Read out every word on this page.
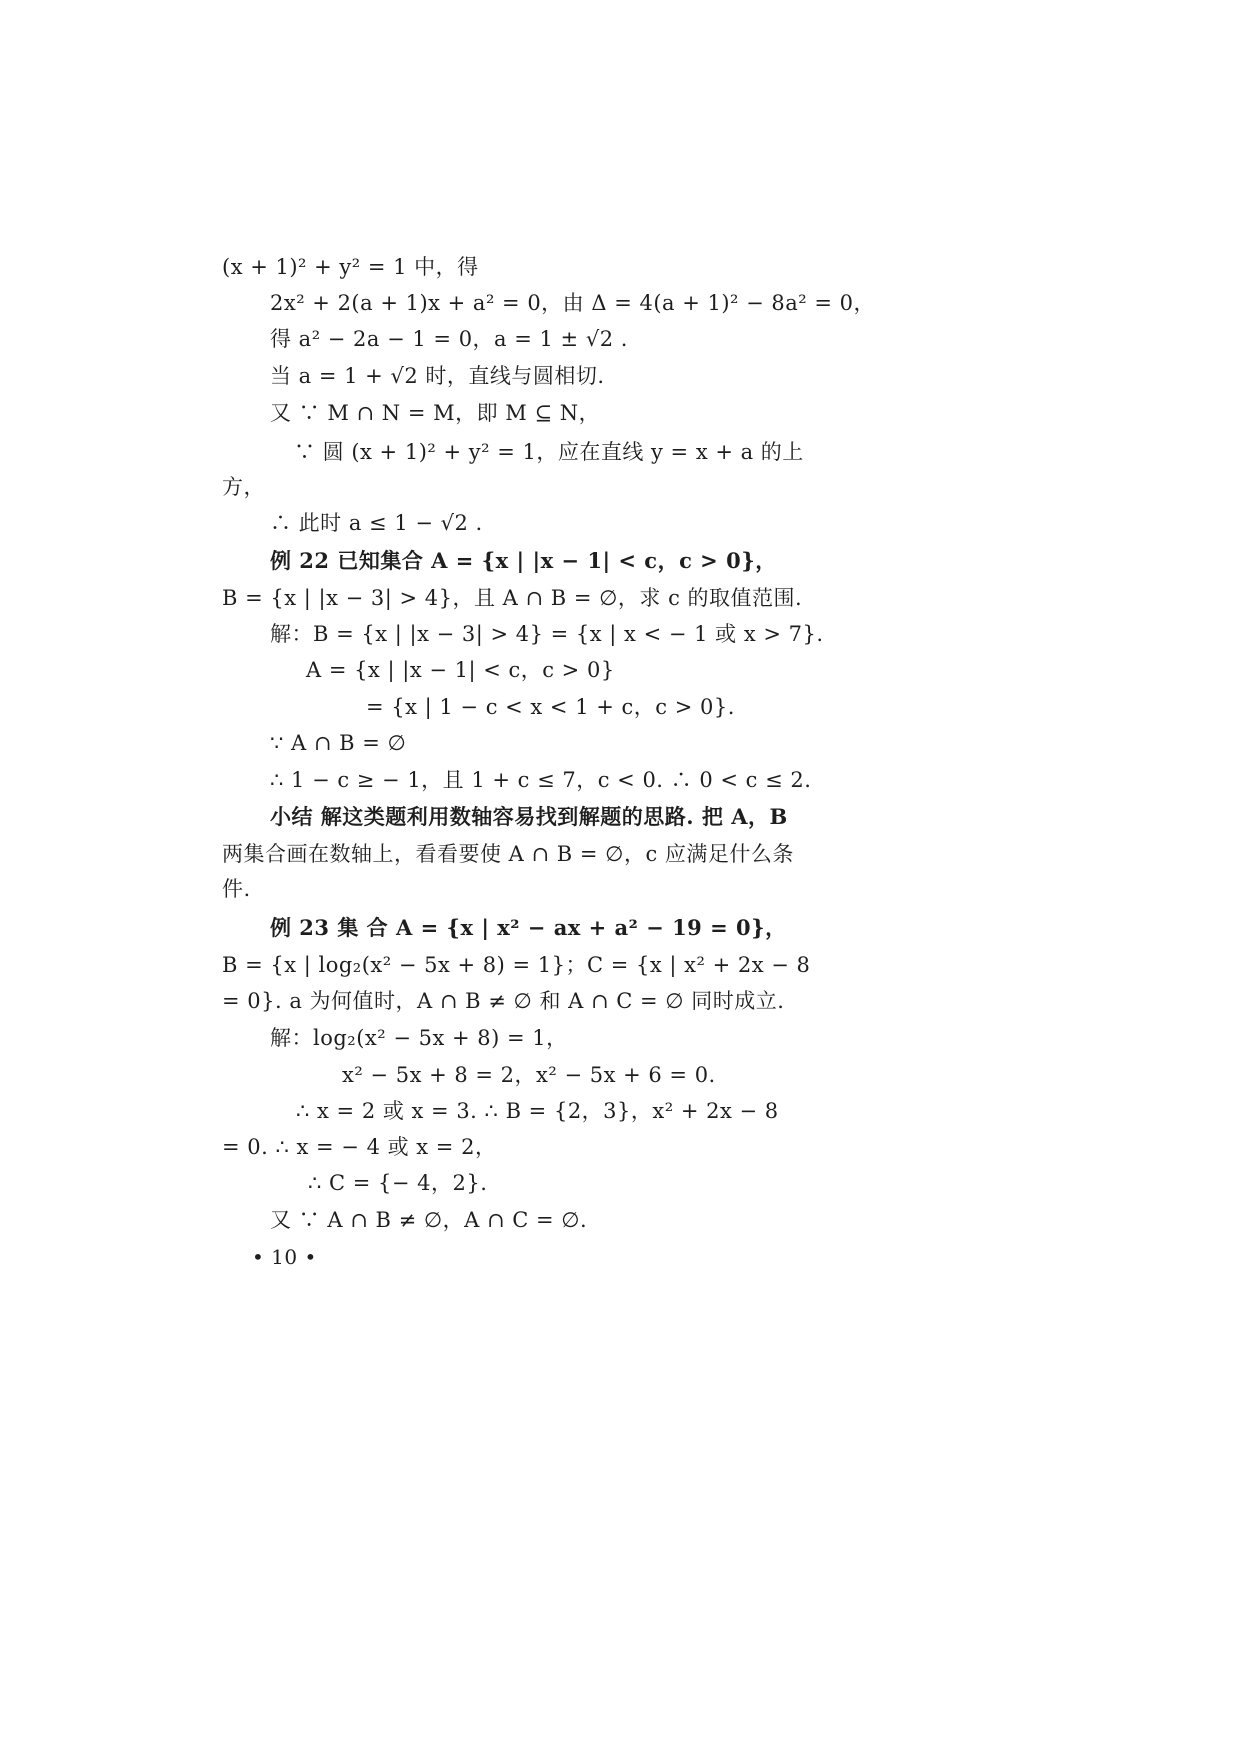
(x + 1)² + y² = 1 中，得
2x² + 2(a + 1)x + a² = 0，由 Δ = 4(a + 1)² − 8a² = 0，
得 a² − 2a − 1 = 0，a = 1 ± √2 .
当 a = 1 + √2 时，直线与圆相切.
又 ∵ M ∩ N = M，即 M ⊆ N，
∵ 圆 (x + 1)² + y² = 1，应在直线 y = x + a 的上
方，
∴ 此时 a ≤ 1 − √2 .
例 22 已知集合 A = {x | |x − 1| < c，c > 0}，
B = {x | |x − 3| > 4}，且 A ∩ B = ∅，求 c 的取值范围.
解：B = {x | |x − 3| > 4} = {x | x < − 1 或 x > 7}.
A = {x | |x − 1| < c，c > 0}
= {x | 1 − c < x < 1 + c，c > 0}.
∵ A ∩ B = ∅
∴ 1 − c ≥ − 1，且 1 + c ≤ 7，c < 0. ∴ 0 < c ≤ 2.
小结 解这类题利用数轴容易找到解题的思路. 把 A，B
两集合画在数轴上，看看要使 A ∩ B = ∅，c 应满足什么条
件.
例 23 集 合 A = {x | x² − ax + a² − 19 = 0}，
B = {x | log₂(x² − 5x + 8) = 1}；C = {x | x² + 2x − 8
= 0}. a 为何值时，A ∩ B ≠ ∅ 和 A ∩ C = ∅ 同时成立.
解：log₂(x² − 5x + 8) = 1，
x² − 5x + 8 = 2，x² − 5x + 6 = 0.
∴ x = 2 或 x = 3. ∴ B = {2，3}，x² + 2x − 8
= 0. ∴ x = − 4 或 x = 2，
∴ C = {− 4，2}.
又 ∵ A ∩ B ≠ ∅，A ∩ C = ∅.
• 10 •
